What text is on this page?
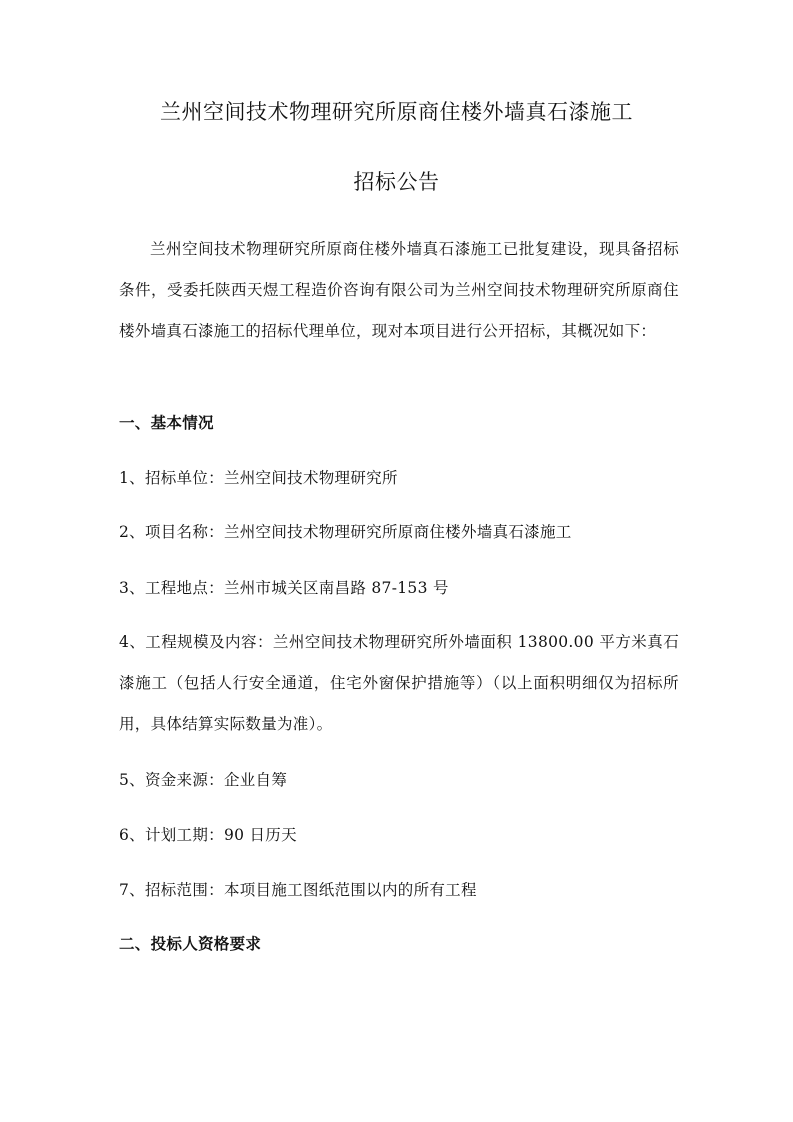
兰州空间技术物理研究所原商住楼外墙真石漆施工
招标公告
兰州空间技术物理研究所原商住楼外墙真石漆施工已批复建设，现具备招标条件，受委托陕西天煜工程造价咨询有限公司为兰州空间技术物理研究所原商住楼外墙真石漆施工的招标代理单位，现对本项目进行公开招标，其概况如下：
一、基本情况
1、招标单位：兰州空间技术物理研究所
2、项目名称：兰州空间技术物理研究所原商住楼外墙真石漆施工
3、工程地点：兰州市城关区南昌路 87-153 号
4、工程规模及内容：兰州空间技术物理研究所外墙面积 13800.00 平方米真石漆施工（包括人行安全通道，住宅外窗保护措施等）（以上面积明细仅为招标所用，具体结算实际数量为准）。
5、资金来源：企业自筹
6、计划工期：90 日历天
7、招标范围：本项目施工图纸范围以内的所有工程
二、投标人资格要求
